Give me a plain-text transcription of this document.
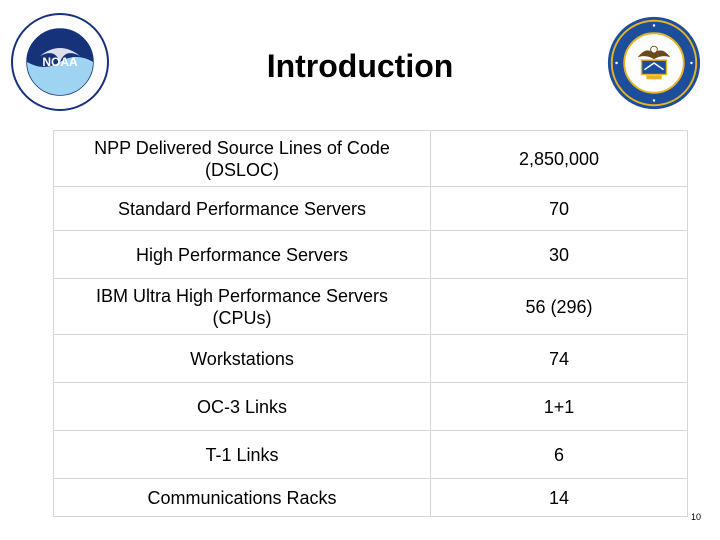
NOAA	Introduction
NPP Delivered Source Lines of Code (DSLOC)	2,850,000
Standard Performance Servers	70
High Performance Servers	30
IBM Ultra High Performance Servers (CPUs)	56 (296)
Workstations	74
OC-3 Links	1+1
T-1 Links	6
Communications Racks	14
10
